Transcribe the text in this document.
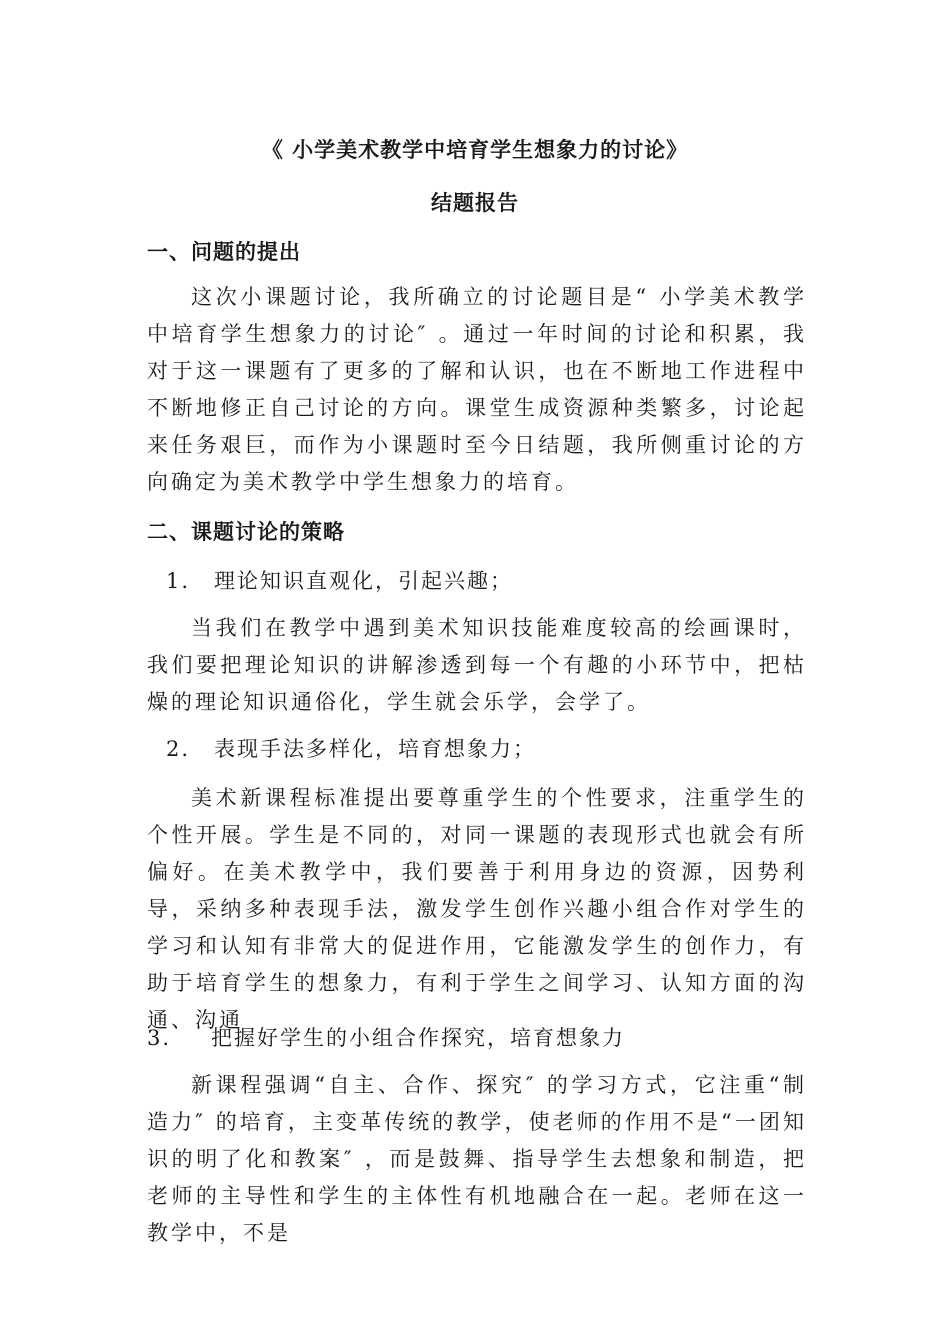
《 小学美术教学中培育学生想象力的讨论》
结题报告
一、问题的提出

这次小课题讨论，我所确立的讨论题目是“ 小学美术教学中培育学生想象力的讨论″ 。通过一年时间的讨论和积累，我对于这一课题有了更多的了解和认识，也在不断地工作进程中不断地修正自己讨论的方向。课堂生成资源种类繁多，讨论起来任务艰巨，而作为小课题时至今日结题，我所侧重讨论的方向确定为美术教学中学生想象力的培育。

二、课题讨论的策略
1. 理论知识直观化，引起兴趣；

当我们在教学中遇到美术知识技能难度较高的绘画课时，我们要把理论知识的讲解渗透到每一个有趣的小环节中，把枯燥的理论知识通俗化，学生就会乐学，会学了。

2. 表现手法多样化，培育想象力；

美术新课程标准提出要尊重学生的个性要求，注重学生的个性开展。学生是不同的，对同一课题的表现形式也就会有所偏好。在美术教学中，我们要善于利用身边的资源，因势利导，采纳多种表现手法，激发学生创作兴趣小组合作对学生的学习和认知有非常大的促进作用，它能激发学生的创作力，有助于培育学生的想象力，有利于学生之间学习、认知方面的沟通、沟通

3. 把握好学生的小组合作探究，培育想象力

新课程强调“自主、合作、探究″ 的学习方式，它注重“制造力″ 的培育，主变革传统的教学，使老师的作用不是“一团知识的明了化和教案″ ，而是鼓舞、指导学生去想象和制造，把老师的主导性和学生的主体性有机地融合在一起。老师在这一教学中，不是
